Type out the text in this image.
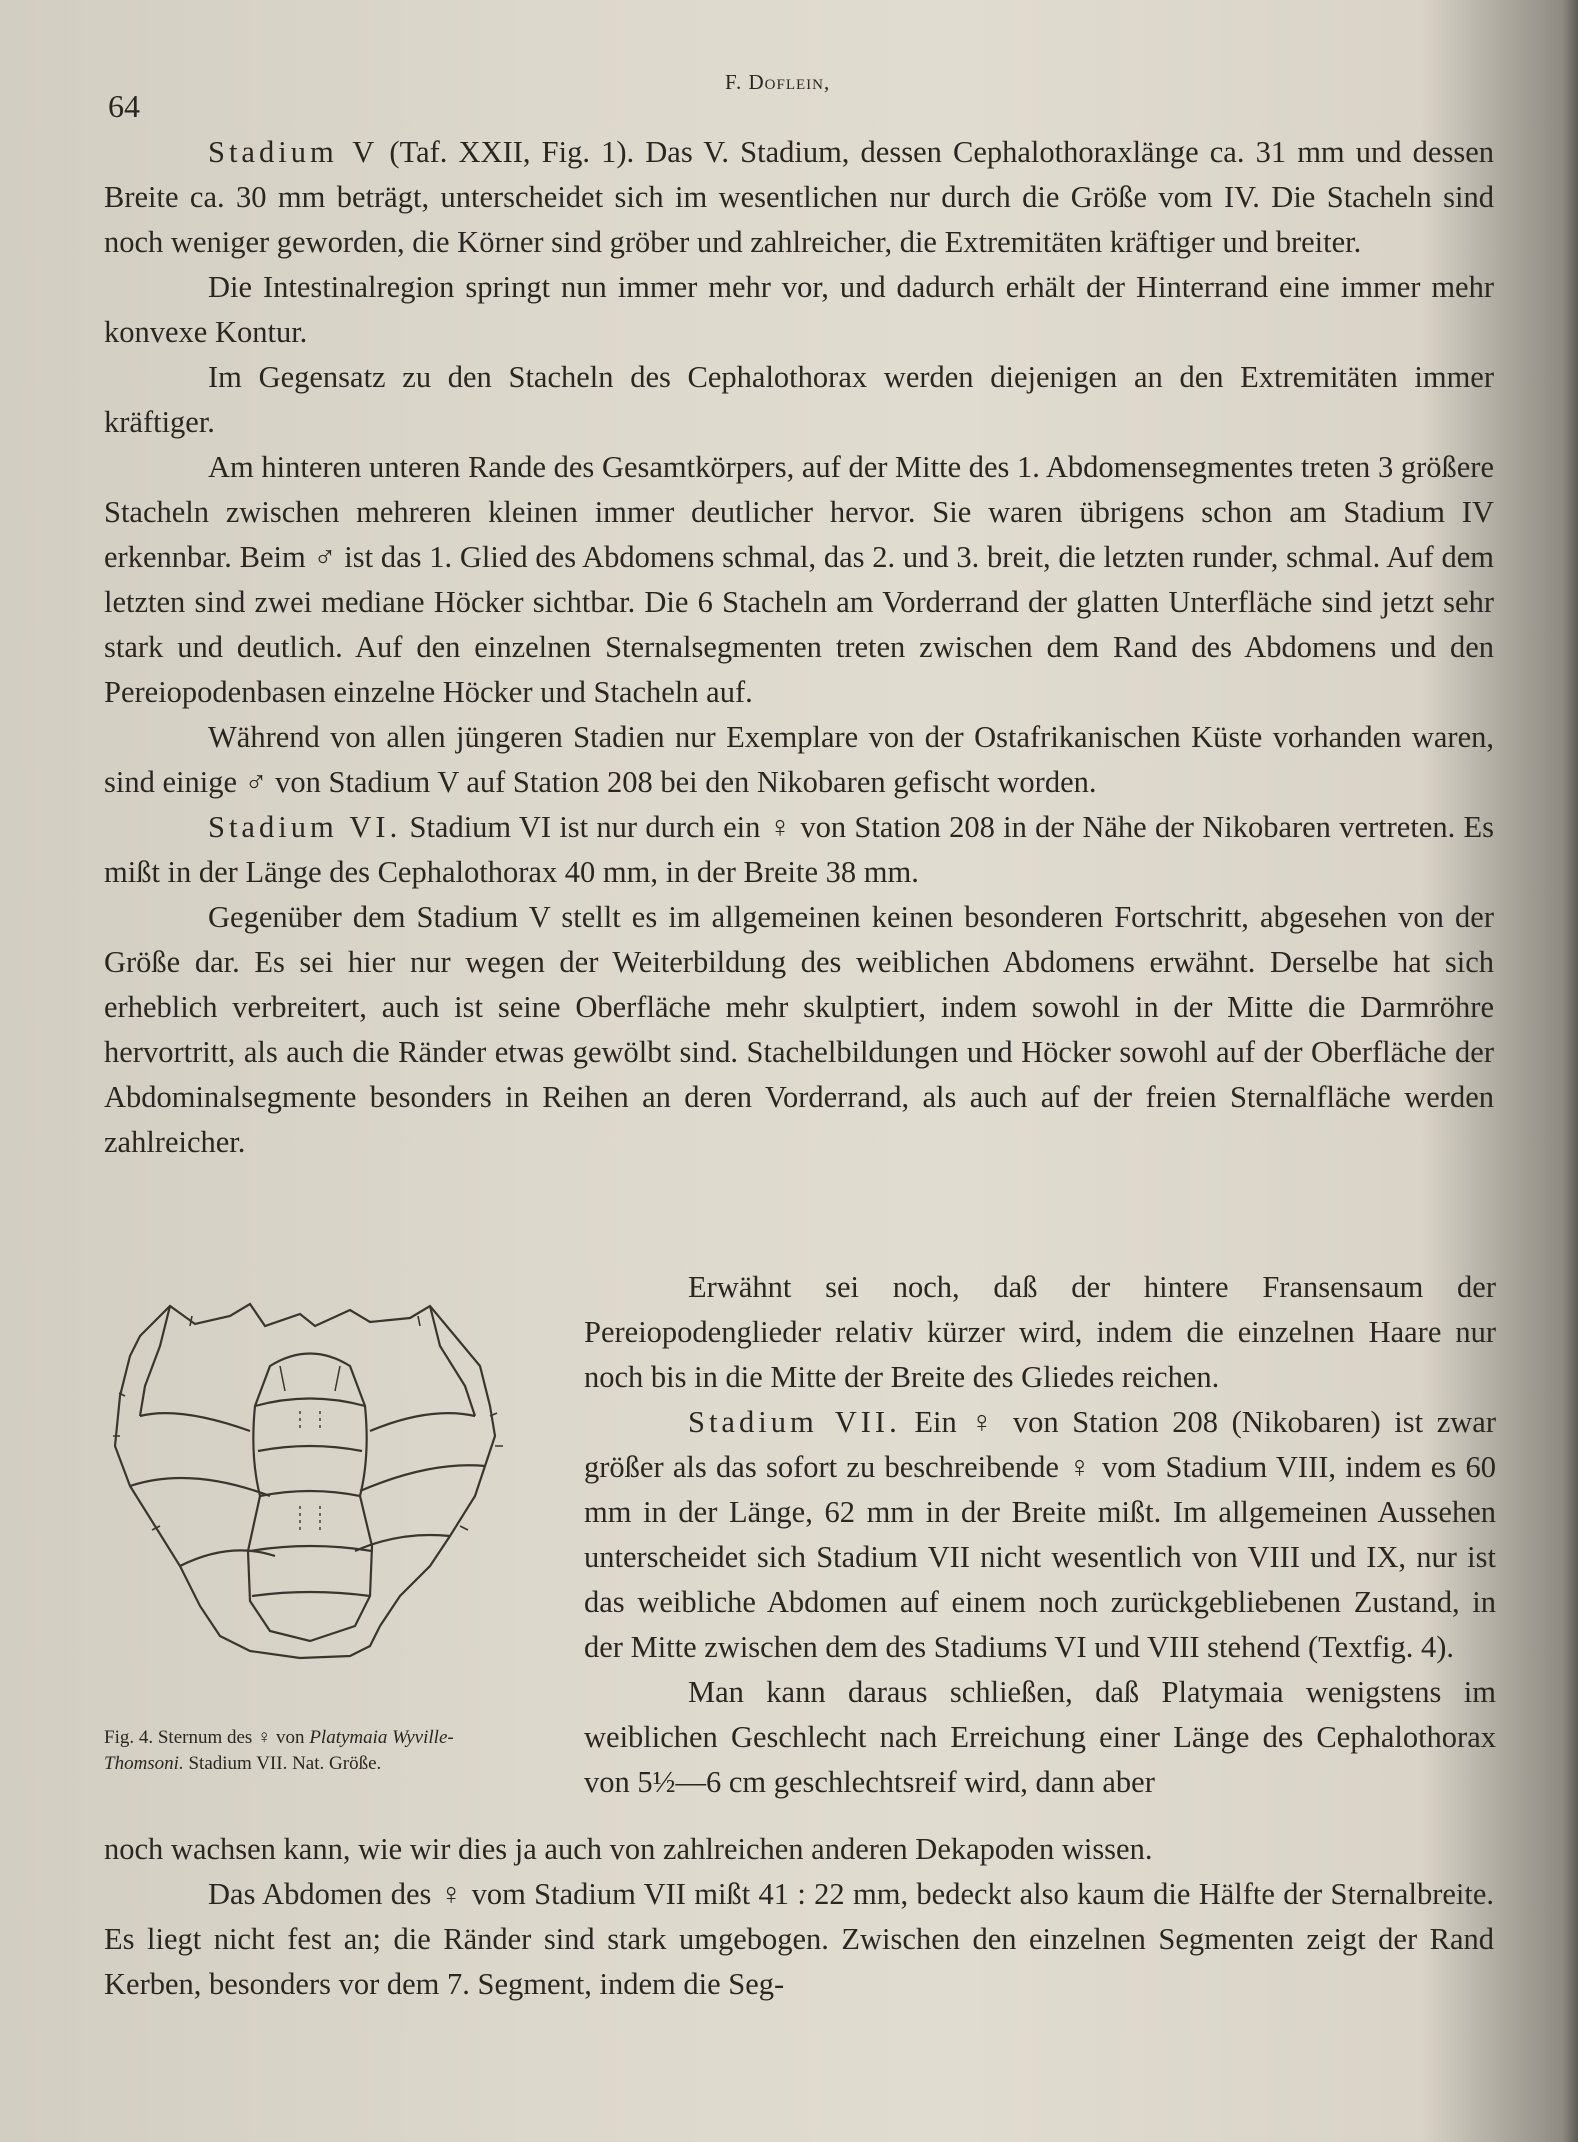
64
F. Doflein,

Stadium V (Taf. XXII, Fig. 1). Das V. Stadium, dessen Cephalothoraxlänge ca. 31 mm und dessen Breite ca. 30 mm beträgt, unterscheidet sich im wesentlichen nur durch die Größe vom IV. Die Stacheln sind noch weniger geworden, die Körner sind gröber und zahlreicher, die Extremitäten kräftiger und breiter.

Die Intestinalregion springt nun immer mehr vor, und dadurch erhält der Hinterrand eine immer mehr konvexe Kontur.

Im Gegensatz zu den Stacheln des Cephalothorax werden diejenigen an den Extremitäten immer kräftiger.

Am hinteren unteren Rande des Gesamtkörpers, auf der Mitte des 1. Abdomensegmentes treten 3 größere Stacheln zwischen mehreren kleinen immer deutlicher hervor. Sie waren übrigens schon am Stadium IV erkennbar. Beim ♂ ist das 1. Glied des Abdomens schmal, das 2. und 3. breit, die letzten runder, schmal. Auf dem letzten sind zwei mediane Höcker sichtbar. Die 6 Stacheln am Vorderrand der glatten Unterfläche sind jetzt sehr stark und deutlich. Auf den einzelnen Sternalsegmenten treten zwischen dem Rand des Abdomens und den Pereiopodenbasen einzelne Höcker und Stacheln auf.

Während von allen jüngeren Stadien nur Exemplare von der Ostafrikanischen Küste vorhanden waren, sind einige ♂ von Stadium V auf Station 208 bei den Nikobaren gefischt worden.

Stadium VI. Stadium VI ist nur durch ein ♀ von Station 208 in der Nähe der Nikobaren vertreten. Es mißt in der Länge des Cephalothorax 40 mm, in der Breite 38 mm.

Gegenüber dem Stadium V stellt es im allgemeinen keinen besonderen Fortschritt, abgesehen von der Größe dar. Es sei hier nur wegen der Weiterbildung des weiblichen Abdomens erwähnt. Derselbe hat sich erheblich verbreitert, auch ist seine Oberfläche mehr skulptiert, indem sowohl in der Mitte die Darmröhre hervortritt, als auch die Ränder etwas gewölbt sind. Stachelbildungen und Höcker sowohl auf der Oberfläche der Abdominalsegmente besonders in Reihen an deren Vorderrand, als auch auf der freien Sternalfläche werden zahlreicher.

Fig. 4. Sternum des ♀ von Platymaia Wyville-Thomsoni. Stadium VII. Nat. Größe.

Erwähnt sei noch, daß der hintere Fransensaum der Pereiopodenglieder relativ kürzer wird, indem die einzelnen Haare nur noch bis in die Mitte der Breite des Gliedes reichen.

Stadium VII. Ein ♀ von Station 208 (Nikobaren) ist zwar größer als das sofort zu beschreibende ♀ vom Stadium VIII, indem es 60 mm in der Länge, 62 mm in der Breite mißt. Im allgemeinen Aussehen unterscheidet sich Stadium VII nicht wesentlich von VIII und IX, nur ist das weibliche Abdomen auf einem noch zurückgebliebenen Zustand, in der Mitte zwischen dem des Stadiums VI und VIII stehend (Textfig. 4).

Man kann daraus schließen, daß Platymaia wenigstens im weiblichen Geschlecht nach Erreichung einer Länge des Cephalothorax von 5½—6 cm geschlechtsreif wird, dann aber

noch wachsen kann, wie wir dies ja auch von zahlreichen anderen Dekapoden wissen.

Das Abdomen des ♀ vom Stadium VII mißt 41 : 22 mm, bedeckt also kaum die Hälfte der Sternalbreite. Es liegt nicht fest an; die Ränder sind stark umgebogen. Zwischen den einzelnen Segmenten zeigt der Rand Kerben, besonders vor dem 7. Segment, indem die Seg-
